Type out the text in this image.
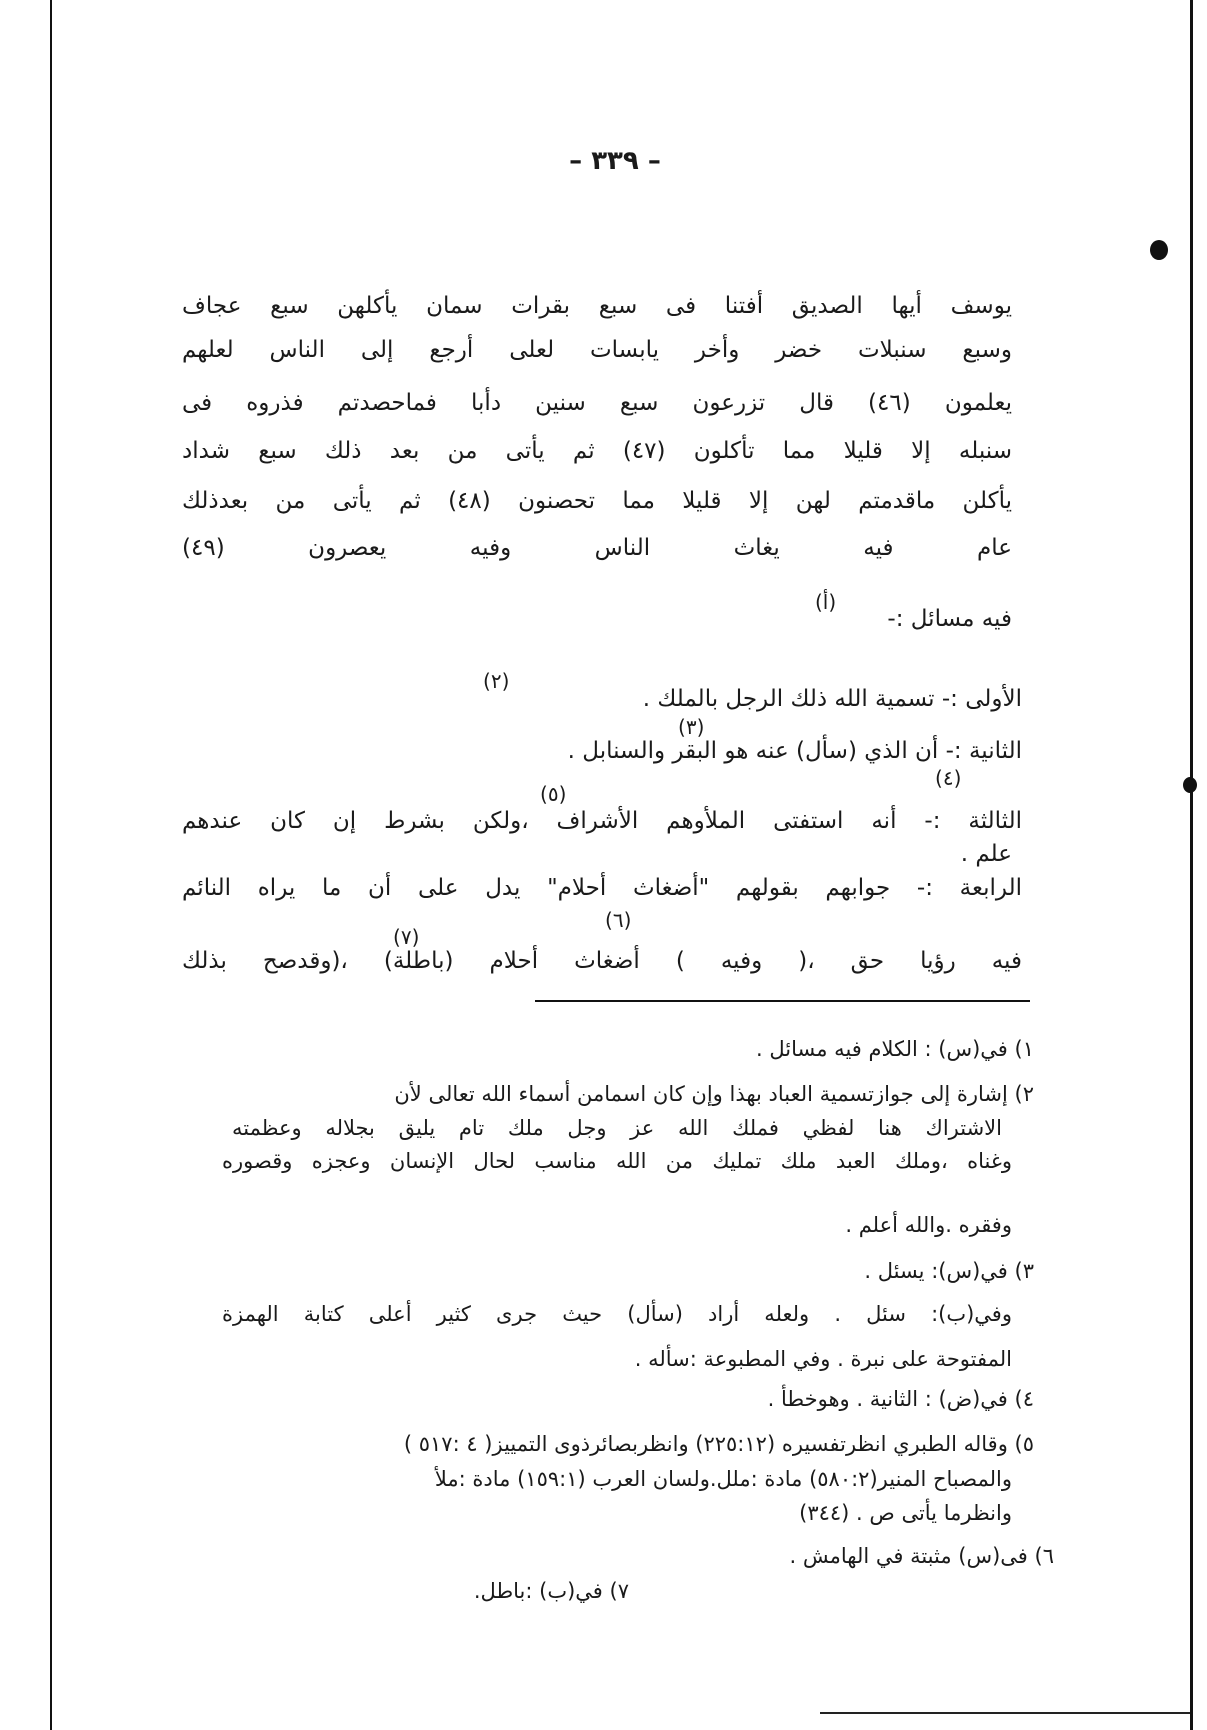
– ٣٣٩ –
يوسف أيها الصديق أفتنا فى سبع بقرات سمان يأكلهن سبع عجاف
وسبع سنبلات خضر وأخر يابسات لعلى أرجع إلى الناس لعلهم
يعلمون (٤٦) قال تزرعون سبع سنين دأبا فماحصدتم فذروه فى
سنبله إلا قليلا مما تأكلون (٤٧) ثم يأتى من بعد ذلك سبع شداد
يأكلن ماقدمتم لهن إلا قليلا مما تحصنون (٤٨) ثم يأتى من بعدذلك
عام فيه يغاث الناس وفيه يعصرون (٤٩)
(أ)
فيه مسائل :-
(٢)
الأولى :- تسمية الله ذلك الرجل بالملك .
(٣)
الثانية :- أن الذي (سأل) عنه هو البقر والسنابل .
(٤)
(٥)
الثالثة :- أنه استفتى الملأوهم الأشراف ،ولكن بشرط إن كان عندهم
علم .
الرابعة :- جوابهم بقولهم "أضغاث أحلام" يدل على أن ما يراه النائم
(٦)
(٧)
فيه رؤيا حق ،( وفيه ) أضغاث أحلام (باطلة) ،(وقدصح بذلك
١) في(س) : الكلام فيه مسائل .
٢) إشارة إلى جوازتسمية العباد بهذا وإن كان اسمامن أسماء الله تعالى لأن
الاشتراك هنا لفظي فملك الله عز وجل ملك تام يليق بجلاله وعظمته
وغناه ،وملك العبد ملك تمليك من الله مناسب لحال الإنسان وعجزه وقصوره
وفقره .والله أعلم .
٣) في(س): يسئل .
وفي(ب): سئل . ولعله أراد (سأل) حيث جرى كثير أعلى كتابة الهمزة
المفتوحة على نبرة . وفي المطبوعة :سأله .
٤) في(ض) : الثانية . وهوخطأ .
٥) وقاله الطبري انظرتفسيره (٢٢٥:١٢) وانظربصائرذوى التمييز( ٤ :٥١٧ )
والمصباح المنير(٥٨٠:٢) مادة :ملل.ولسان العرب (١٥٩:١) مادة :ملأ
وانظرما يأتى ص . (٣٤٤)
٦) فى(س) مثبتة في الهامش .
٧) في(ب) :باطل.
